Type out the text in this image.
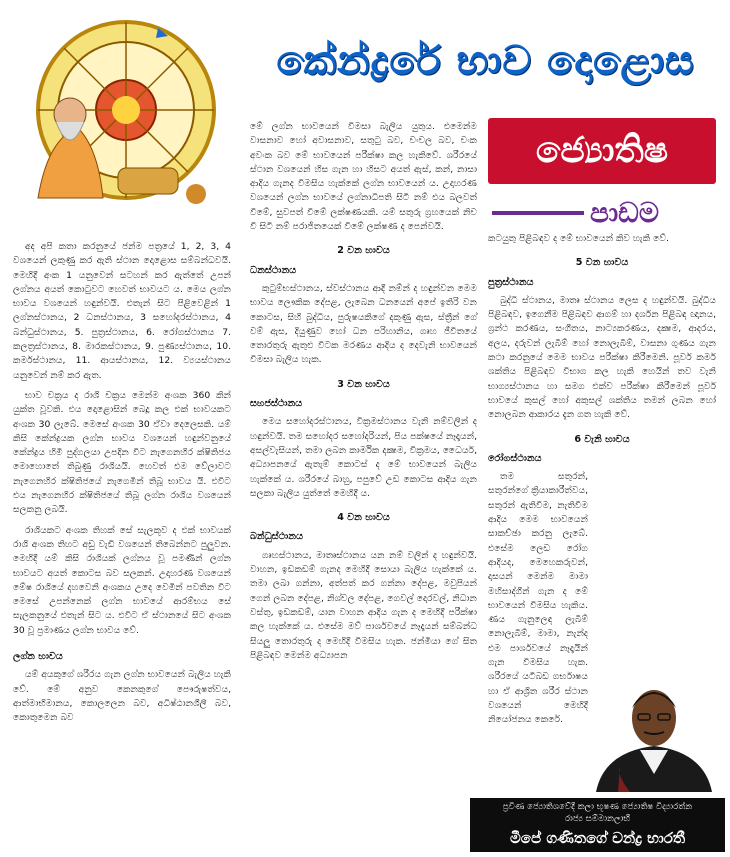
කේන්ද්‍රරේ භාව දොළොස
ජ්‍යොතිෂ
පාඩම

අද අපි කතා කරනුයේ ජන්ම පත්‍රයේ 1, 2, 3, 4 වශයෙන් ලකුණු කර ඇති ස්ථාන දොළොස සම්බන්ධවයි. මෙහිදී අංක 1 යනුවෙන් සටහන් කර ඇත්තේ උපන් ලග්නය අයත් කොටුවට හෙවත් භාවයට ය. මෙය ලග්න භාවය වශයෙන් හඳුන්වයි. එතැන් සිට පිළිවෙළින් 1 ලග්නස්ථානය, 2 ධනස්ථානය, 3 සහෝදරස්ථානය, 4 බන්ධුස්ථානය, 5. පුත්‍රස්ථානය, 6. රෝගස්ථානය 7. කලත්‍රස්ථානය, 8. මාරකස්ථානය, 9. පුණ්‍යස්ථානය, 10. කර්මස්ථානය, 11. ආයස්ථානය, 12. ව්‍යයස්ථානය යනුවෙන් නම් කර ඇත.

භාව චක්‍රය ද රාශි චක්‍රය මෙන්ම අංශක 360 කින් යුක්ත වූවකි. එය දොළොසින් බෙදූ කල එක් භාවයකට අංශක 30 ලැබේ. මෙසේ අංශක 30 ඒවා දෙලෙසකි. යම් කිසි කේන්ද්‍රයක ලග්න භාවය වශයෙන් හඳුන්වනුයේ කේන්ද්‍රය හිමි පුද්ගලයා උපදින විට නැගෙනහිර ක්ෂිතිජය මොහොතේ තිබුණු රාශියයි. හෙවත් එම වේලාවට නැගෙනහිර ක්ෂිතිජයේ නැගෙමින් තිබූ භාවය යි. එවිට එය නැගෙනහිර ක්ෂිතිජයේ තිබූ ලග්න රාශිය වශයෙන් සලකනු ලබයි.

රාශියකට අංශක තිහක් සේ සැලකූව ද එක් භාවයක් රාශි අංශක තිහට අඩු වැඩි වශයෙන් තිබෙන්නට පුලුවන. මෙහිදී යම් කිසි රාශියක් ලග්නය වූ පමණින් ලග්න භාවයට අයත් කොටස බව සලකන්. උදාහරණ වශයෙන් මේෂ රාශියේ දහවෙනි අංශකය උදෙ වෙමින් පවතින විට මෙසේ උපන්නෙක් ලග්න භාවයේ ආරම්භය සේ සැලකනුයේ එතැන් සිට ය. එවිට ඒ ස්ථානයේ සිට අංශක 30 වූ ප්‍රමාණය ලග්න භාවය වේ.

ලග්න භාවය

යම් අයකුගේ ශරීරය ගැන ලග්න භාවයෙන් බැලිය හැකි වේ. මේ අනුව කෙනකුගේ පෞරුෂත්වය, ආත්මාභිමානය, කොලලෙන බව, අධිෂ්ඨානශීලී බව, කොතුමෙන බව

මේ ලග්න භාවයෙන් විමසා බැලිය යුතුය. එමෙන්ම වාසනාව හෝ අවාසනාව, සතුටු බව, චංචල බව, චංක අවංක බව මේ භාවයෙන් පරීක්ෂා කල හැකිවේ. ශරීරයේ ස්ථාන වශයෙන් හිස ගැන හා හිසට අයත් ඇස්, කන්, නාසා ආදිය ගැනද විමසිය හැක්කේ ලග්න භාවයෙන් ය. උදාහරණ වශයෙන් ලග්න භාවයේ ලග්නාධිපති සිටි නම් එය බලවත් වීමේ, සුවපත් වීමේ ලක්ෂණයකි. යම් සතුරු ග්‍රහයෙක් නිච වී සිටි නම් පරාජිතයෙක් වීමේ ලක්ෂණ ද පෙන්වයි.

2 වන භාවය
ධනස්ථානය

කුටුම්භස්ථානය, ස්වස්ථානය ආදී නම්න් ද හඳුන්වන මෙම භාවය ලෞකික දේපළ, ලැබෙන ධනයෙන් අපේ ඉතිරි වන කොටස, සිහි බුද්ධිය, පුරුෂයකිගේ දකුණු ඇස, ස්ත්‍රීන් ගේ වම් ඇස, දියුණුව හෝ ධන පරිහානිය, ගෘහ ජීවිතයේ තොරතුරු ඇතුළු විටක මරණය ආදිය ද දෙවැනි භාවයෙන් විමසා බැලිය හැක.

3 වන භාවය
සහජස්ථානය

මෙය සහෝදරස්ථානය, වික්‍රමස්ථානය වැනි නම්වලින් ද හඳුන්වයි. තම සහෝදර සහෝදරියන්, පිය පක්ෂයේ නෑදෑයන්, අසල්වැසියන්, තමා ලබන කාර්මික දක්‍ෂම, වික්‍රමය, ධෛර්ය, අධ්‍යාපනයේ ඇතැම් කොටස් ද මේ භාවයෙන් බැලිය හැක්කේ ය. ශරීරයේ බාහු, පපුවේ උඩ කොටස ආදිය ගැන සලකා බැලිය යුත්තේ මෙහිදී ය.

4 වන භාවය
බන්ධුස්ථානය

ගෘහස්ථානය, මාතෘස්ථානය යන නම් වලින් ද හඳුන්වයි. වාහන, ඉඩකඩම් ගැනද මෙහිදී සොයා බැලිය හැක්කේ ය. තමා ලබා ගන්නා, අත්පත් කර ගන්නා දේපළ, මවුපියන් ගෙන් ලබන දේපළ, නිශ්චල දේපළ, ගෙවල් දොරවල්, නිධාන වස්තු, ඉඩකඩම්, යාන වාහන ආදිය ගැන ද මෙහිදී පරීක්ෂා කල හැක්කේ ය. එසේම මව් පාර්ශවයේ නෑදෑයන් සම්බන්ධ සියලු තොරතුරු ද මෙහිදී විමසිය හැක. ජන්මියා ගේ සිත පිළිබඳව මෙන්ම අධ්‍යාපන

කටයුතු පිළිබඳව ද මේ භාවයෙන් කිව හැකි වේ.

5 වන භාවය
පුත්‍රස්ථානය

බුද්ධි ස්ථානය, මාතෘ ස්ථානය ලෙස ද හඳුන්වයි. බුද්ධිය පිළිබඳව, ඉගෙනීම පිළිබඳව ආගම් හා දර්ශන පිළිබඳ ඥානය, ග්‍රන්ථ කරණය, සංගීතය, නාට්‍යකරණය, දක්‍ෂම, ආදරය, අලය, දරුවන් ලැබීම් හෝ නොලැබීම්, වාසනා ගුණය ගැන කථා කරනුයේ මෙම භාවය පරීක්ෂා කිරීමෙනි. පූර්ව කර්ම ශක්තිය පිළිබඳව විභාග කල හැකි හෙයින් තව වැනි භාග්‍යස්ථානය හා සමග එක්ව පරීක්ෂා කිරීමෙන් පූර්ව භාවයේ කුසල් හෝ අකුසල් ශක්තිය තමන් ලබන හෝ නොලබන ආකාරය දැන ගත හැකි වේ.

6 වැනි භාවය
රෝගස්ථානය

තම සතුරන්, සතුරන්ගේ ක්‍රියාකාරීත්වය, සතුරන් ඇතිවීම, නැතිවීම ආදිය මෙම භාවයෙන් සාකච්ඡා කරනු ලැබේ. එසේම ලෙඩ රෝග ආදියද, මෙහෙකරුවන්, දාසයන් මෙන්ම මාමා මහිසාද්ගීන් ගැන ද මේ භාවයෙන් විමසිය හැකිය. ණය ගැනුලෙඳ ලැබීම් නොලැබීම්, මාමා, නැන්ද එම පාර්ශවයේ නෑදෑයින් ගැන විමසිය හැක. ශරීරයේ යටිබඩ ගර්භාෂය හා ඒ ආශ්‍රිත ශරීර ස්ථාන වශයෙන් මෙහිදී නියෝජනය කෙරේ.

ප්‍රවීණ ජ්‍යොතිශවේදී කලා භූෂණ ජ්‍යොතිෂ විද්‍යාරත්න
රාජ්‍ය සම්මානලාභී
මීපේ ගණිතගේ චන්ද්‍ර භාරතී
